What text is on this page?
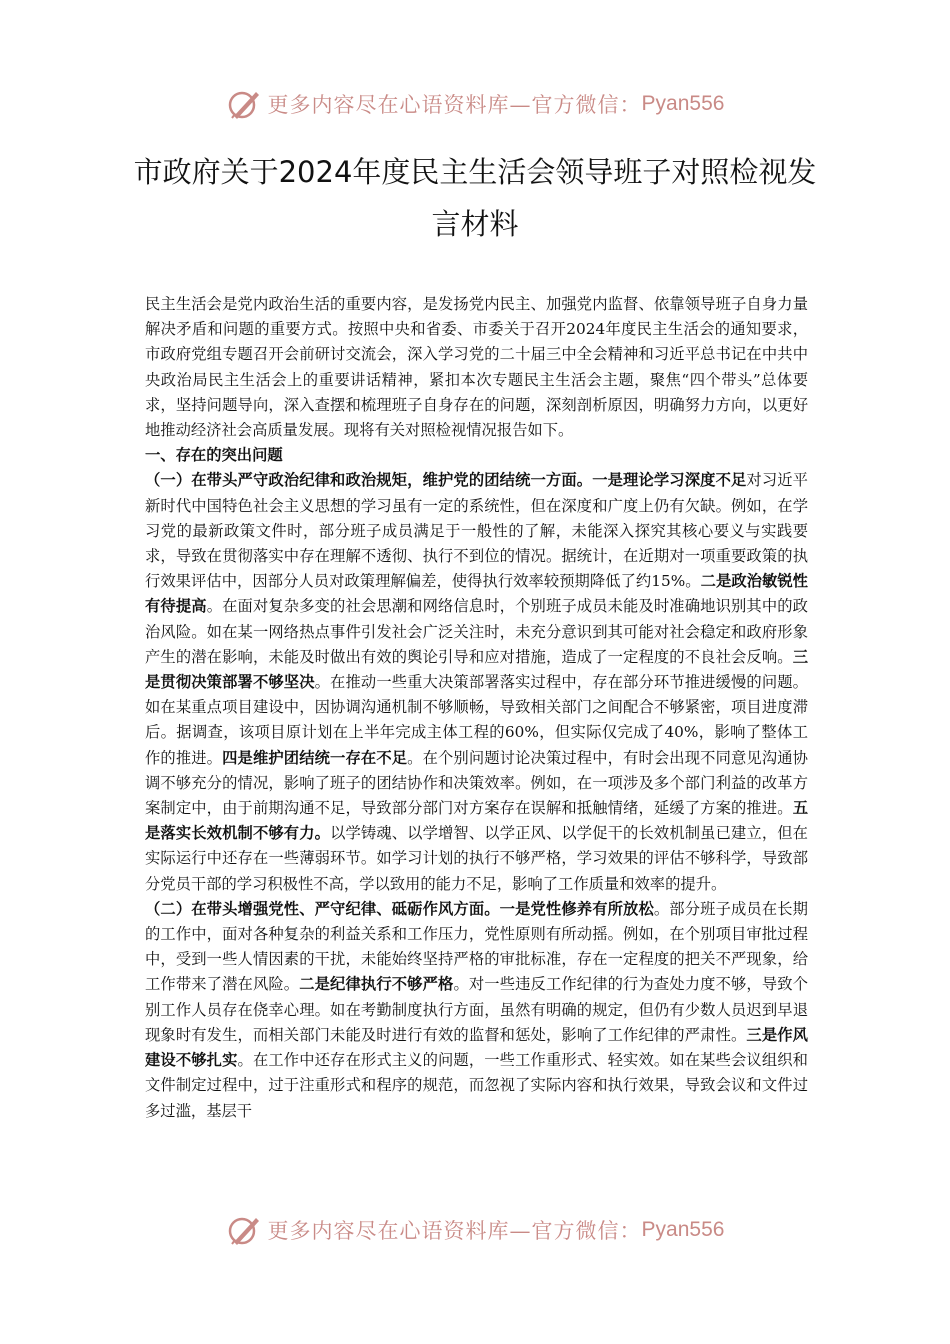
更多内容尽在心语资料库—官方微信： Pyan556
市政府关于2024年度民主生活会领导班子对照检视发言材料

民主生活会是党内政治生活的重要内容，是发扬党内民主、加强党内监督、依靠领导班子自身力量解决矛盾和问题的重要方式。按照中央和省委、市委关于召开2024年度民主生活会的通知要求，市政府党组专题召开会前研讨交流会，深入学习党的二十届三中全会精神和习近平总书记在中共中央政治局民主生活会上的重要讲话精神，紧扣本次专题民主生活会主题，聚焦“四个带头”总体要求，坚持问题导向，深入查摆和梳理班子自身存在的问题，深刻剖析原因，明确努力方向，以更好地推动经济社会高质量发展。现将有关对照检视情况报告如下。

一、存在的突出问题

（一）在带头严守政治纪律和政治规矩，维护党的团结统一方面。一是理论学习深度不足对习近平新时代中国特色社会主义思想的学习虽有一定的系统性，但在深度和广度上仍有欠缺。例如，在学习党的最新政策文件时，部分班子成员满足于一般性的了解，未能深入探究其核心要义与实践要求，导致在贯彻落实中存在理解不透彻、执行不到位的情况。据统计，在近期对一项重要政策的执行效果评估中，因部分人员对政策理解偏差，使得执行效率较预期降低了约15%。二是政治敏锐性有待提高。在面对复杂多变的社会思潮和网络信息时，个别班子成员未能及时准确地识别其中的政治风险。如在某一网络热点事件引发社会广泛关注时，未充分意识到其可能对社会稳定和政府形象产生的潜在影响，未能及时做出有效的舆论引导和应对措施，造成了一定程度的不良社会反响。三是贯彻决策部署不够坚决。在推动一些重大决策部署落实过程中，存在部分环节推进缓慢的问题。如在某重点项目建设中，因协调沟通机制不够顺畅，导致相关部门之间配合不够紧密，项目进度滞后。据调查，该项目原计划在上半年完成主体工程的60%，但实际仅完成了40%，影响了整体工作的推进。四是维护团结统一存在不足。在个别问题讨论决策过程中，有时会出现不同意见沟通协调不够充分的情况，影响了班子的团结协作和决策效率。例如，在一项涉及多个部门利益的改革方案制定中，由于前期沟通不足，导致部分部门对方案存在误解和抵触情绪，延缓了方案的推进。五是落实长效机制不够有力。以学铸魂、以学增智、以学正风、以学促干的长效机制虽已建立，但在实际运行中还存在一些薄弱环节。如学习计划的执行不够严格，学习效果的评估不够科学，导致部分党员干部的学习积极性不高，学以致用的能力不足，影响了工作质量和效率的提升。

（二）在带头增强党性、严守纪律、砥砺作风方面。一是党性修养有所放松。部分班子成员在长期的工作中，面对各种复杂的利益关系和工作压力，党性原则有所动摇。例如，在个别项目审批过程中，受到一些人情因素的干扰，未能始终坚持严格的审批标准，存在一定程度的把关不严现象，给工作带来了潜在风险。二是纪律执行不够严格。对一些违反工作纪律的行为查处力度不够，导致个别工作人员存在侥幸心理。如在考勤制度执行方面，虽然有明确的规定，但仍有少数人员迟到早退现象时有发生，而相关部门未能及时进行有效的监督和惩处，影响了工作纪律的严肃性。三是作风建设不够扎实。在工作中还存在形式主义的问题，一些工作重形式、轻实效。如在某些会议组织和文件制定过程中，过于注重形式和程序的规范，而忽视了实际内容和执行效果，导致会议和文件过多过滥，基层干

更多内容尽在心语资料库—官方微信： Pyan556
